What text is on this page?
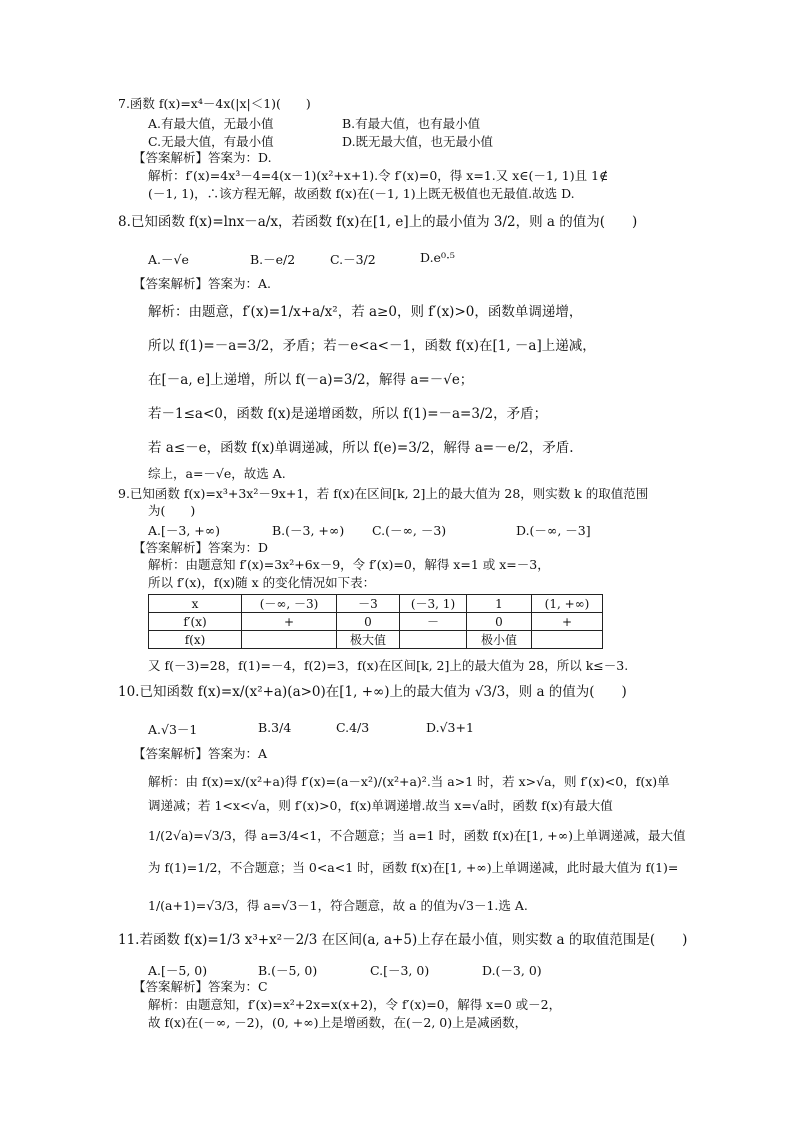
7.函数 f(x)=x⁴－4x(|x|＜1)(　　)
A.有最大值，无最小值	B.有最大值，也有最小值
C.无最大值，有最小值	D.既无最大值，也无最小值
【答案解析】答案为：D.
解析：f′(x)=4x³－4=4(x－1)(x²+x+1).令 f′(x)=0，得 x=1.又 x∈(－1, 1)且 1∉
(－1, 1)，∴该方程无解，故函数 f(x)在(－1, 1)上既无极值也无最值.故选 D.
8.已知函数 f(x)=lnx－a/x，若函数 f(x)在[1, e]上的最小值为 3/2，则 a 的值为(　　)
A.－√e	B.－e/2	C.－3/2	D.e⁰·⁵
【答案解析】答案为：A.
解析：由题意，f′(x)=1/x+a/x²，若 a≥0，则 f′(x)>0，函数单调递增，
所以 f(1)=－a=3/2，矛盾；若－e<a<－1，函数 f(x)在[1, －a]上递减，
在[－a, e]上递增，所以 f(－a)=3/2，解得 a=－√e；
若－1≤a<0，函数 f(x)是递增函数，所以 f(1)=－a=3/2，矛盾；
若 a≤－e，函数 f(x)单调递减，所以 f(e)=3/2，解得 a=－e/2，矛盾.
综上，a=－√e，故选 A.
9.已知函数 f(x)=x³+3x²－9x+1，若 f(x)在区间[k, 2]上的最大值为 28，则实数 k 的取值范围
为(　　)
A.[－3, +∞)	B.(－3, +∞) C.(－∞, －3)	D.(－∞, －3]
【答案解析】答案为：D
解析：由题意知 f′(x)=3x²+6x－9，令 f′(x)=0，解得 x=1 或 x=－3，
所以 f′(x)，f(x)随 x 的变化情况如下表：
x	(－∞, －3)	－3	(－3, 1)	1	(1, +∞)
f′(x)	+	0	－	0	+
f(x)		极大值		极小值	
又 f(－3)=28，f(1)=－4，f(2)=3，f(x)在区间[k, 2]上的最大值为 28，所以 k≤－3.
10.已知函数 f(x)=x/(x²+a)(a>0)在[1, +∞)上的最大值为 √3/3，则 a 的值为(　　)
A.√3－1	B.3/4	C.4/3	D.√3+1
【答案解析】答案为：A
解析：由 f(x)=x/(x²+a)得 f′(x)=(a－x²)/(x²+a)².当 a>1 时，若 x>√a，则 f′(x)<0，f(x)单
调递减；若 1<x<√a，则 f′(x)>0，f(x)单调递增.故当 x=√a时，函数 f(x)有最大值
1/(2√a)=√3/3，得 a=3/4<1，不合题意；当 a=1 时，函数 f(x)在[1, +∞)上单调递减，最大值
为 f(1)=1/2，不合题意；当 0<a<1 时，函数 f(x)在[1, +∞)上单调递减，此时最大值为 f(1)=
1/(a+1)=√3/3，得 a=√3－1，符合题意，故 a 的值为√3－1.选 A.
11.若函数 f(x)=1/3 x³+x²－2/3 在区间(a, a+5)上存在最小值，则实数 a 的取值范围是(　　)
A.[－5, 0)	B.(－5, 0)	C.[－3, 0)	D.(－3, 0)
【答案解析】答案为：C
解析：由题意知，f′(x)=x²+2x=x(x+2)，令 f′(x)=0，解得 x=0 或－2，
故 f(x)在(－∞, －2)，(0, +∞)上是增函数，在(－2, 0)上是减函数，
